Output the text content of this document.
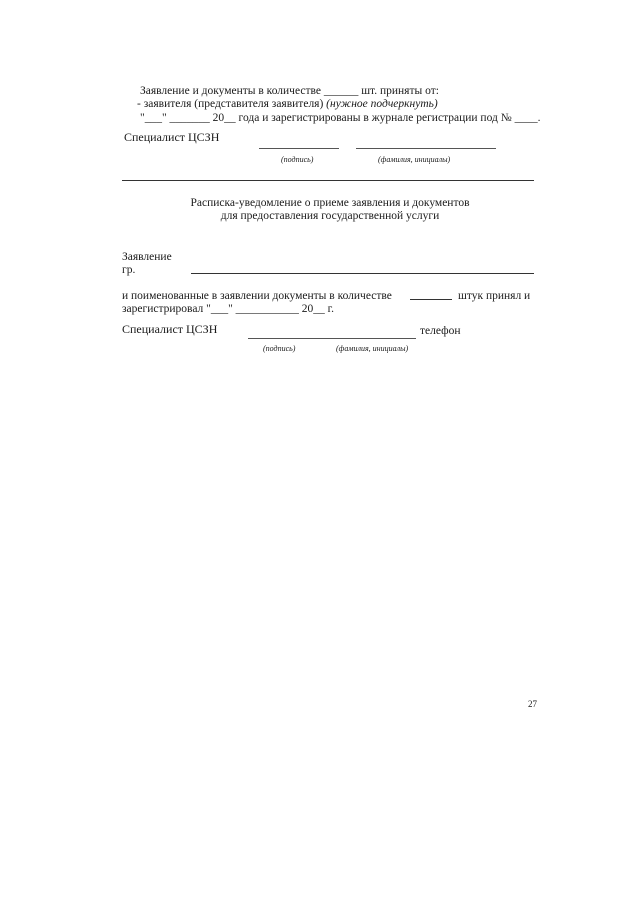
Заявление и документы в количестве ______ шт. приняты от:
- заявителя (представителя заявителя) (нужное подчеркнуть)
"___" _______ 20__ года и зарегистрированы в журнале регистрации под № ____.
Специалист ЦСЗН
(подпись)	(фамилия, инициалы)
Расписка-уведомление о приеме заявления и документов
для предоставления государственной услуги
Заявление
гр.
и поименованные в заявлении документы в количестве	штук принял и
зарегистрировал "___" ___________ 20__ г.
Специалист ЦСЗН	телефон
(подпись)	(фамилия, инициалы)
27
